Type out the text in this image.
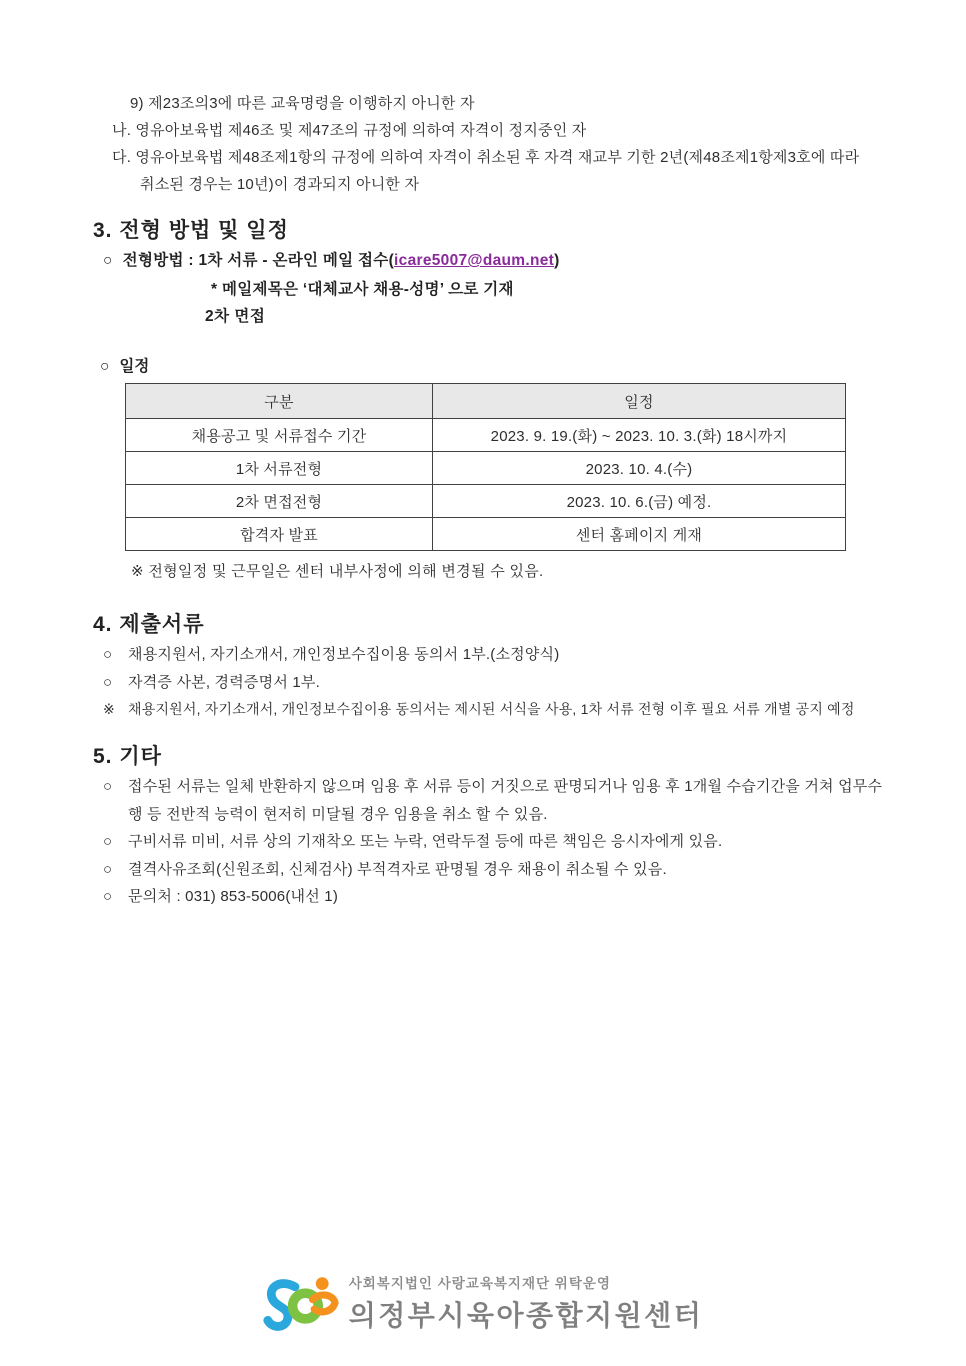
9) 제23조의3에 따른 교육명령을 이행하지 아니한 자
나. 영유아보육법 제46조 및 제47조의 규정에 의하여 자격이 정지중인 자
다. 영유아보육법 제48조제1항의 규정에 의하여 자격이 취소된 후 자격 재교부 기한 2년(제48조제1항제3호에 따라
취소된 경우는 10년)이 경과되지 아니한 자
3. 전형 방법 및 일정
○ 전형방법 : 1차 서류 - 온라인 메일 접수(icare5007@daum.net)
* 메일제목은 ‘대체교사 채용-성명’ 으로 기재
2차 면접
○ 일정
구분	일정
채용공고 및 서류접수 기간	2023. 9. 19.(화) ~ 2023. 10. 3.(화) 18시까지
1차 서류전형	2023. 10. 4.(수)
2차 면접전형	2023. 10. 6.(금) 예정.
합격자 발표	센터 홈페이지 게재
※ 전형일정 및 근무일은 센터 내부사정에 의해 변경될 수 있음.
4. 제출서류
○ 채용지원서, 자기소개서, 개인정보수집이용 동의서 1부.(소정양식)
○ 자격증 사본, 경력증명서 1부.
※ 채용지원서, 자기소개서, 개인정보수집이용 동의서는 제시된 서식을 사용, 1차 서류 전형 이후 필요 서류 개별 공지 예정
5. 기타
○ 접수된 서류는 일체 반환하지 않으며 임용 후 서류 등이 거짓으로 판명되거나 임용 후 1개월 수습기간을 거쳐 업무수행 등 전반적 능력이 현저히 미달될 경우 임용을 취소 할 수 있음.
○ 구비서류 미비, 서류 상의 기재착오 또는 누락, 연락두절 등에 따른 책임은 응시자에게 있음.
○ 결격사유조회(신원조회, 신체검사) 부적격자로 판명될 경우 채용이 취소될 수 있음.
○ 문의처 : 031) 853-5006(내선 1)
사회복지법인 사랑교육복지재단 위탁운영
의정부시육아종합지원센터
